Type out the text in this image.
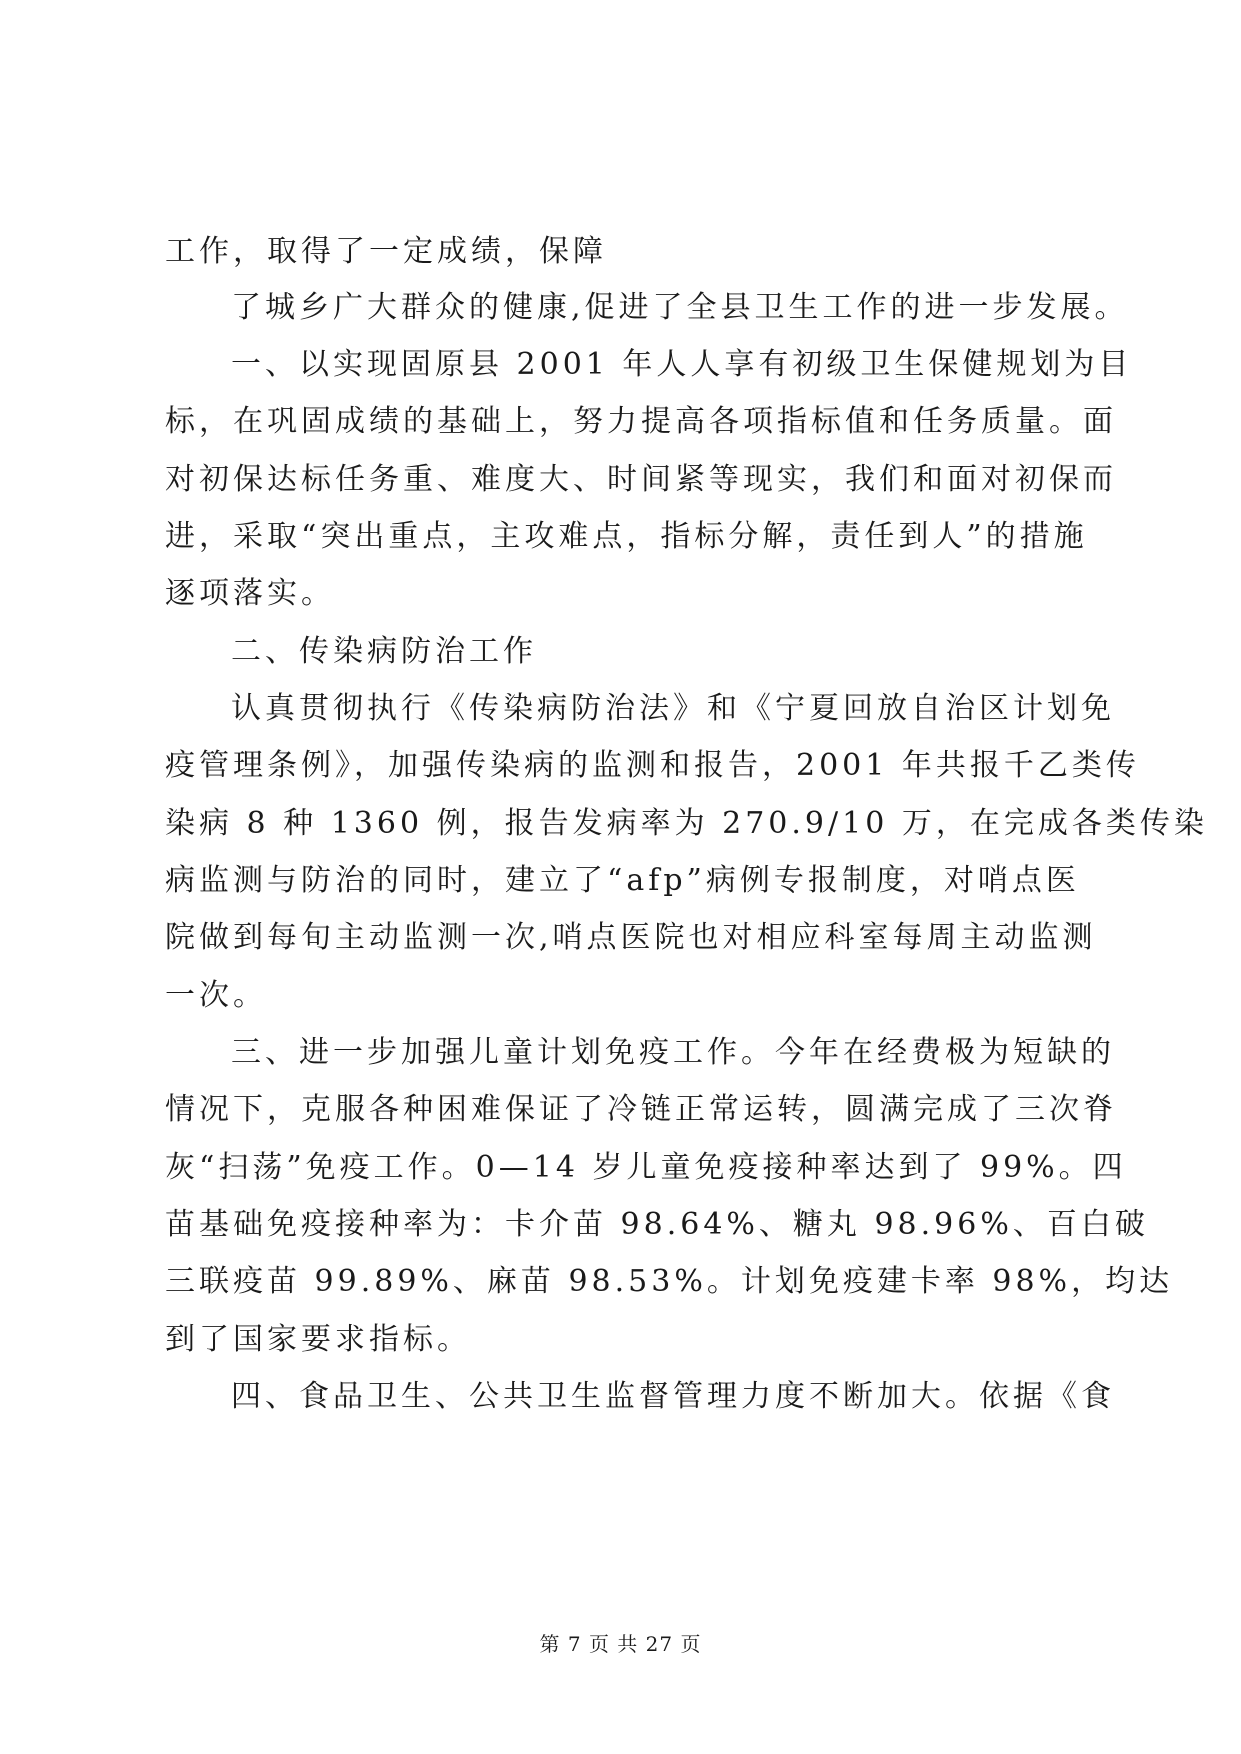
工作，取得了一定成绩，保障
了城乡广大群众的健康,促进了全县卫生工作的进一步发展。
一、以实现固原县 2001 年人人享有初级卫生保健规划为目
标，在巩固成绩的基础上，努力提高各项指标值和任务质量。面
对初保达标任务重、难度大、时间紧等现实，我们和面对初保而
进，采取“突出重点，主攻难点，指标分解，责任到人”的措施
逐项落实。
二、传染病防治工作
认真贯彻执行《传染病防治法》和《宁夏回放自治区计划免
疫管理条例》，加强传染病的监测和报告，2001 年共报千乙类传
染病 8 种 1360 例，报告发病率为 270.9/10 万，在完成各类传染
病监测与防治的同时，建立了“afp”病例专报制度，对哨点医
院做到每旬主动监测一次,哨点医院也对相应科室每周主动监测
一次。
三、进一步加强儿童计划免疫工作。今年在经费极为短缺的
情况下，克服各种困难保证了冷链正常运转，圆满完成了三次脊
灰“扫荡”免疫工作。0—14 岁儿童免疫接种率达到了 99%。四
苗基础免疫接种率为：卡介苗 98.64%、糖丸 98.96%、百白破
三联疫苗 99.89%、麻苗 98.53%。计划免疫建卡率 98%，均达
到了国家要求指标。
四、食品卫生、公共卫生监督管理力度不断加大。依据《食
第 7 页 共 27 页
